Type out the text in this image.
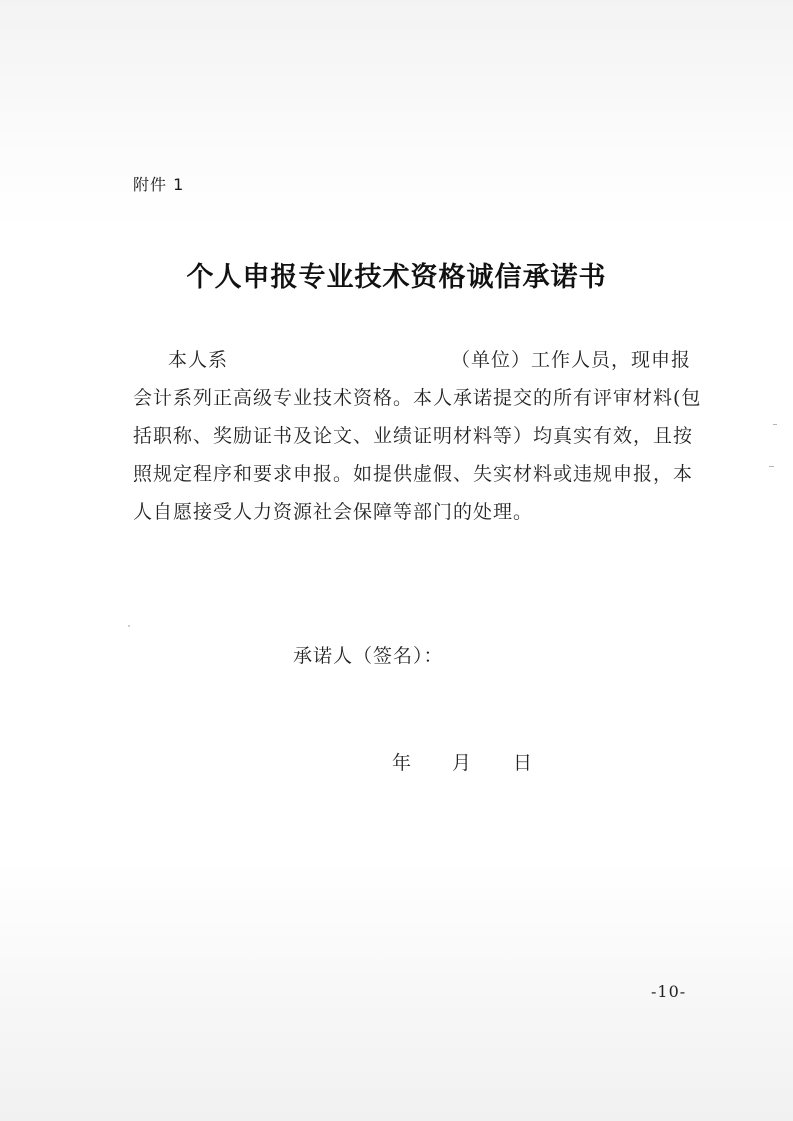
附件 1
个人申报专业技术资格诚信承诺书
本人系	（单位）工作人员，现申报
会计系列正高级专业技术资格。本人承诺提交的所有评审材料(包
括职称、奖励证书及论文、业绩证明材料等）均真实有效，且按
照规定程序和要求申报。如提供虚假、失实材料或违规申报，本
人自愿接受人力资源社会保障等部门的处理。
承诺人（签名）：
年 月 日
-10-
